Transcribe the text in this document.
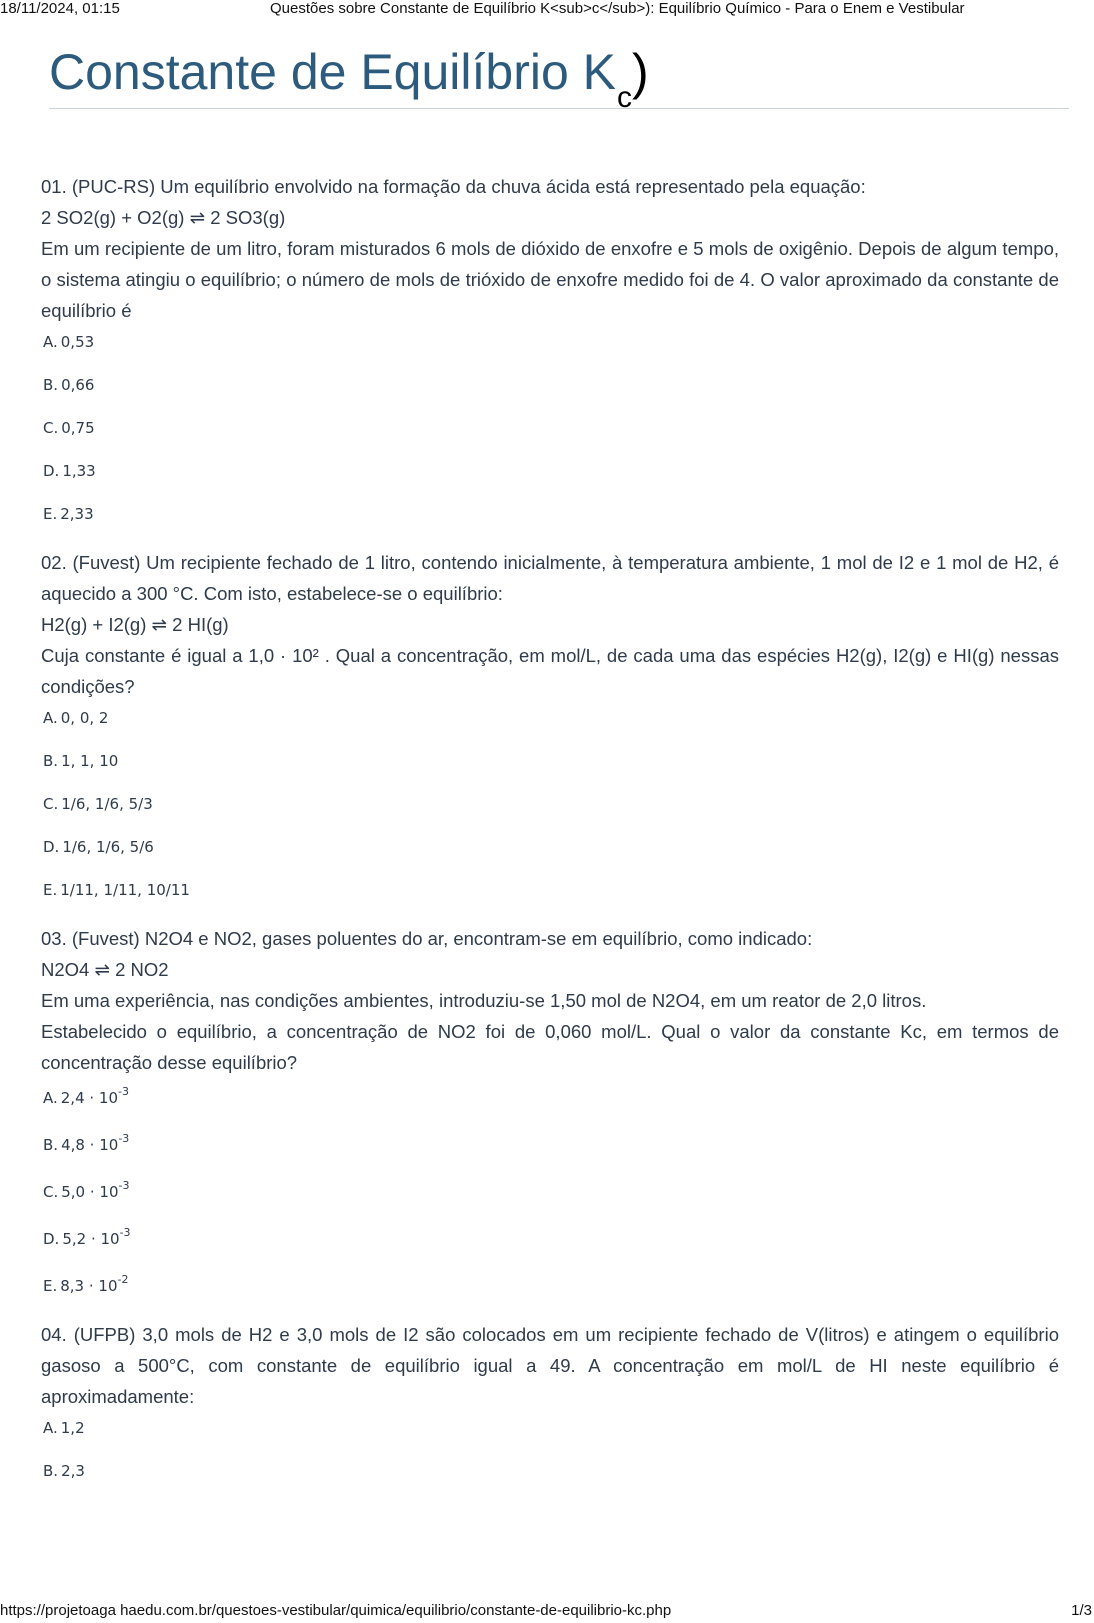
18/11/2024, 01:15	Questões sobre Constante de Equilíbrio K<sub>c</sub>): Equilíbrio Químico - Para o Enem e Vestibular
Constante de Equilíbrio $K_c$)

01. (PUC-RS) Um equilíbrio envolvido na formação da chuva ácida está representado pela equação:

2 SO2(g) + O2(g) ⇌ 2 SO3(g)

Em um recipiente de um litro, foram misturados 6 mols de dióxido de enxofre e 5 mols de oxigênio. Depois de algum tempo, o sistema atingiu o equilíbrio; o número de mols de trióxido de enxofre medido foi de 4. O valor aproximado da constante de equilíbrio é

A. 0,53
B. 0,66
C. 0,75
D. 1,33
E. 2,33

02. (Fuvest) Um recipiente fechado de 1 litro, contendo inicialmente, à temperatura ambiente, 1 mol de I2 e 1 mol de H2, é aquecido a 300 °C. Com isto, estabelece-se o equilíbrio:

H2(g) + I2(g) ⇌ 2 HI(g)

Cuja constante é igual a 1,0 · 10² . Qual a concentração, em mol/L, de cada uma das espécies H2(g), I2(g) e HI(g) nessas condições?

A. 0, 0, 2
B. 1, 1, 10
C. 1/6, 1/6, 5/3
D. 1/6, 1/6, 5/6
E. 1/11, 1/11, 10/11

03. (Fuvest) N2O4 e NO2, gases poluentes do ar, encontram-se em equilíbrio, como indicado:

N2O4 ⇌ 2 NO2

Em uma experiência, nas condições ambientes, introduziu-se 1,50 mol de N2O4, em um reator de 2,0 litros.

Estabelecido o equilíbrio, a concentração de NO2 foi de 0,060 mol/L. Qual o valor da constante Kc, em termos de concentração desse equilíbrio?

A. $2,4 \cdot 10^{-3}$
B. $4,8 \cdot 10^{-3}$
C. $5,0 \cdot 10^{-3}$
D. $5,2 \cdot 10^{-3}$
E. $8,3 \cdot 10^{-2}$

04. (UFPB) 3,0 mols de H2 e 3,0 mols de I2 são colocados em um recipiente fechado de V(litros) e atingem o equilíbrio gasoso a 500°C, com constante de equilíbrio igual a 49. A concentração em mol/L de HI neste equilíbrio é aproximadamente:

A. 1,2
B. 2,3
https://projetoaga haedu.com.br/questoes-vestibular/quimica/equilibrio/constante-de-equilibrio-kc.php	1/3
